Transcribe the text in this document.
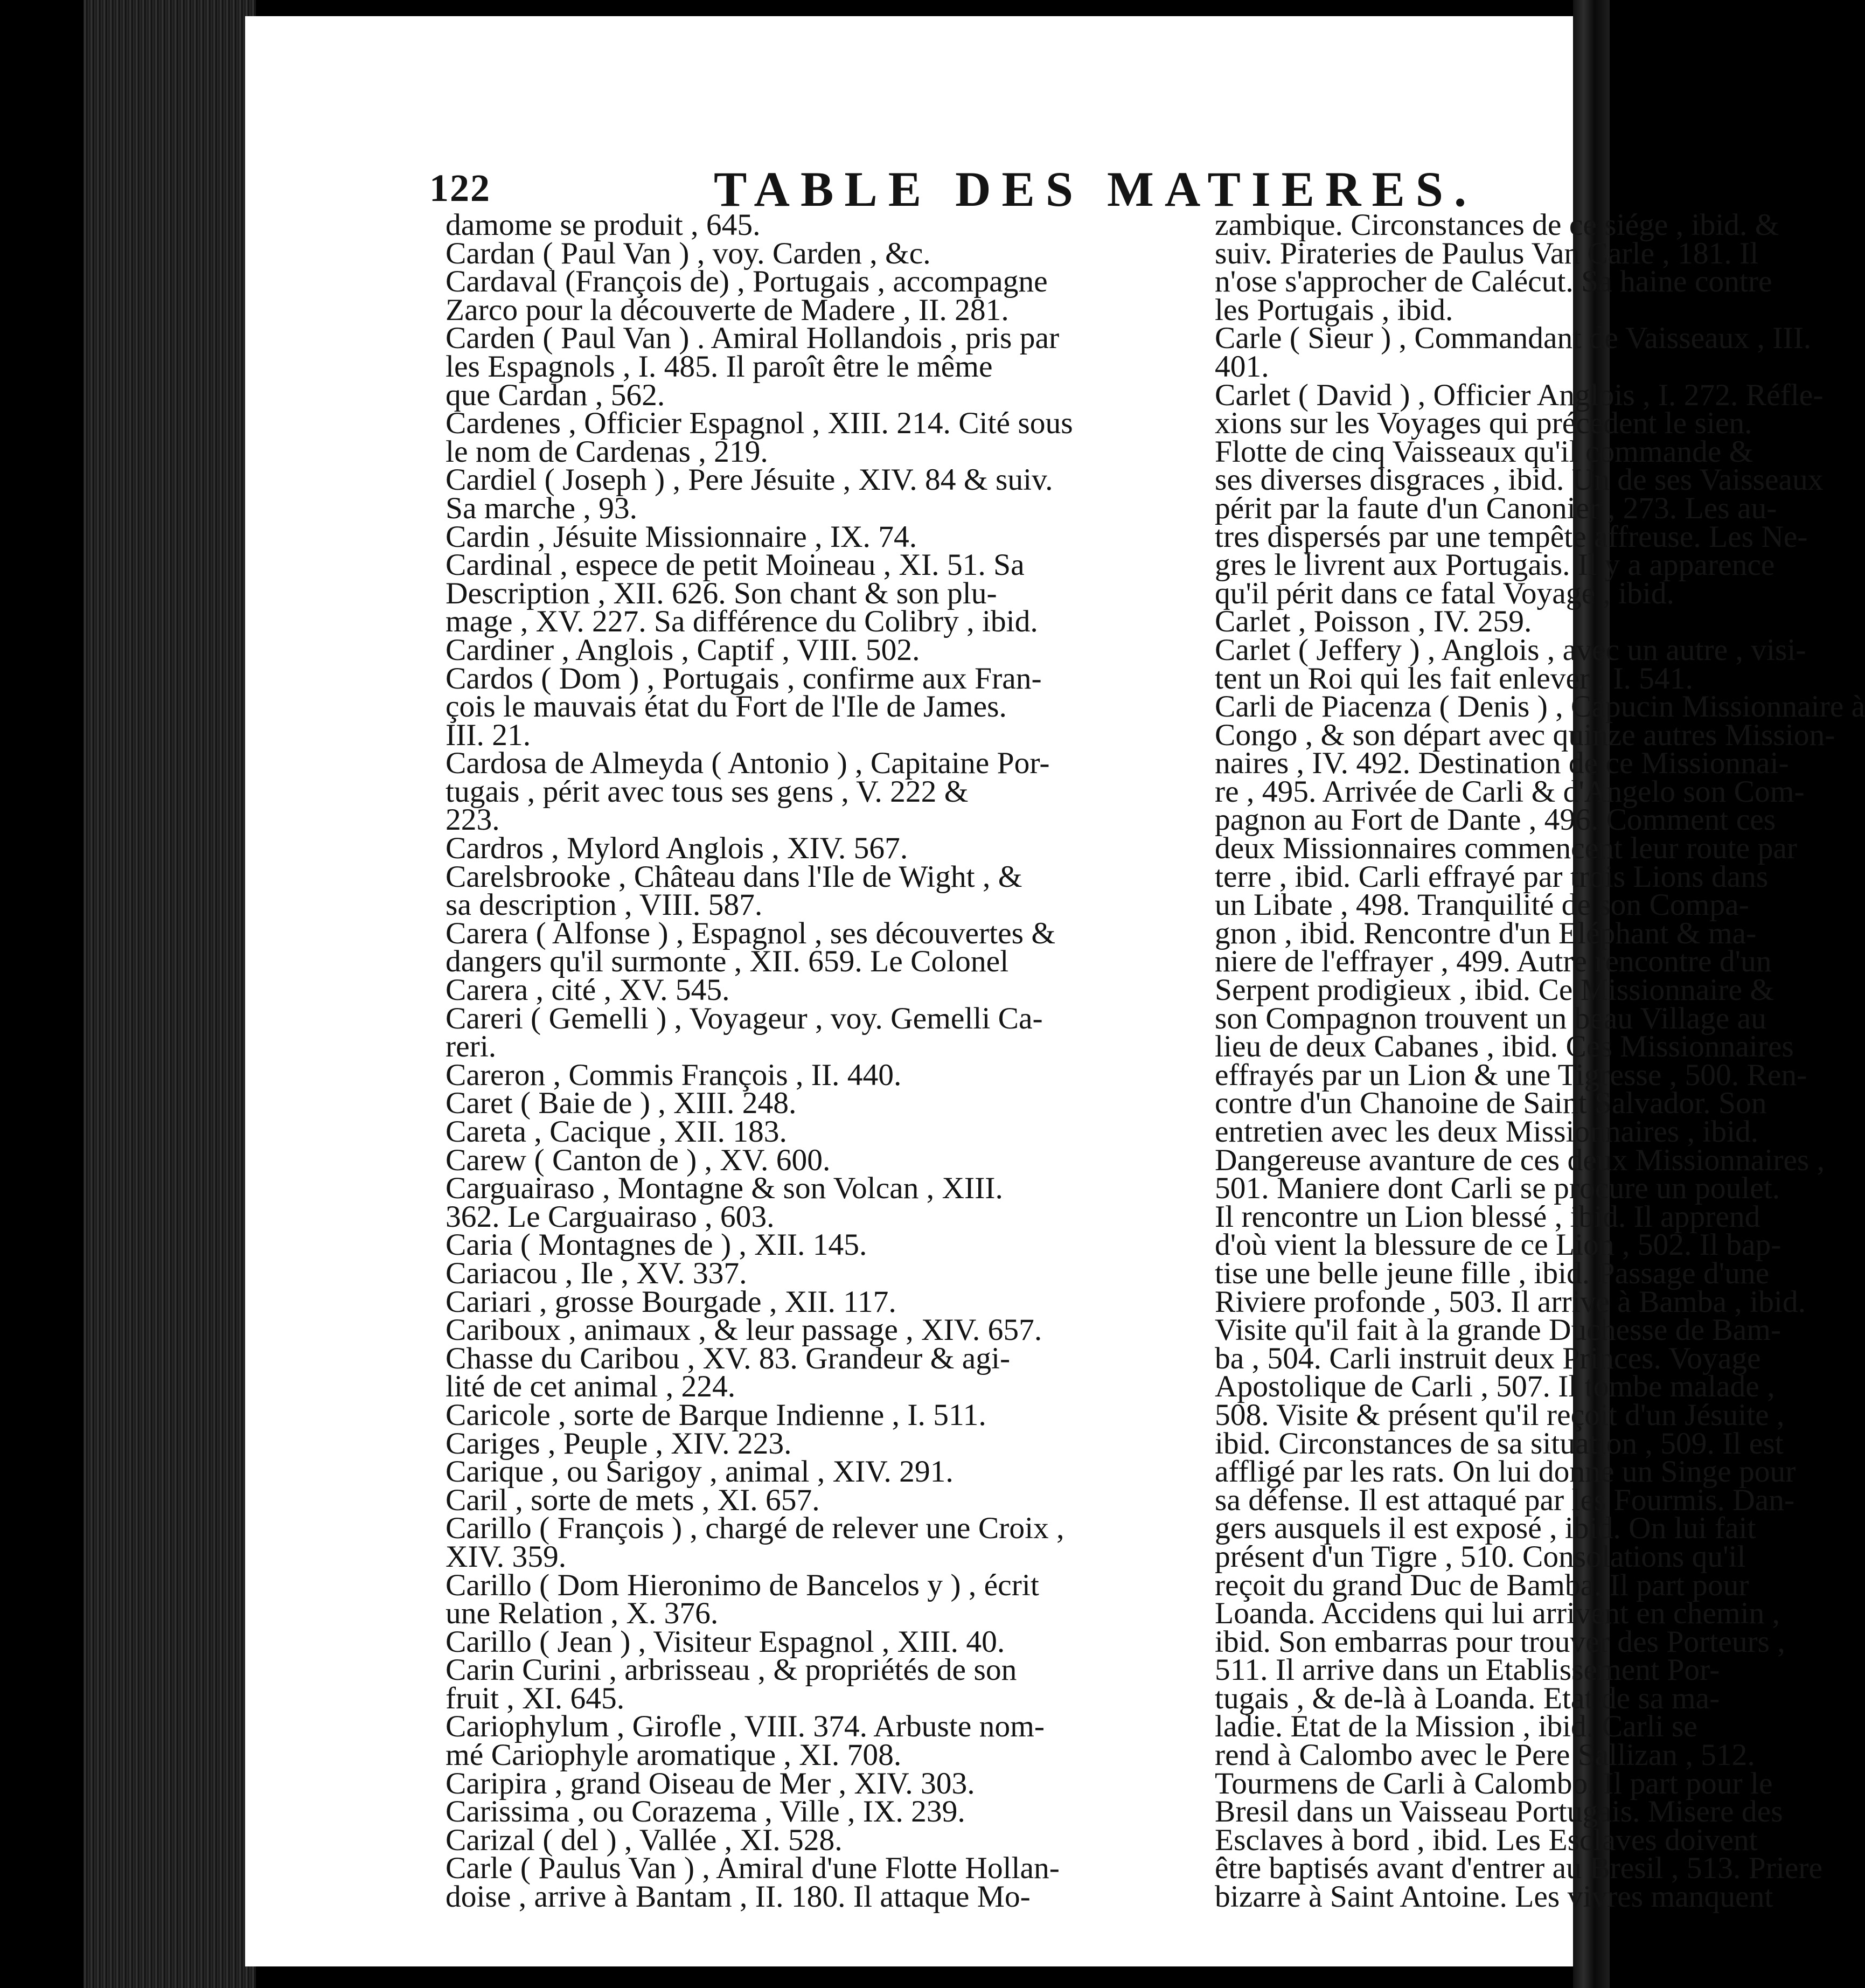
122	TABLE DES MATIERES.
damome se produit , 645.
Cardan ( Paul Van ) , voy. Carden , &c.
Cardaval (François de) , Portugais , accompagne
Zarco pour la découverte de Madere , II. 281.
Carden ( Paul Van ) . Amiral Hollandois , pris par
les Espagnols , I. 485. Il paroît être le même
que Cardan , 562.
Cardenes , Officier Espagnol , XIII. 214. Cité sous
le nom de Cardenas , 219.
Cardiel ( Joseph ) , Pere Jésuite , XIV. 84 & suiv.
Sa marche , 93.
Cardin , Jésuite Missionnaire , IX. 74.
Cardinal , espece de petit Moineau , XI. 51. Sa
Description , XII. 626. Son chant & son plu-
mage , XV. 227. Sa différence du Colibry , ibid.
Cardiner , Anglois , Captif , VIII. 502.
Cardos ( Dom ) , Portugais , confirme aux Fran-
çois le mauvais état du Fort de l'Ile de James.
III. 21.
Cardosa de Almeyda ( Antonio ) , Capitaine Por-
tugais , périt avec tous ses gens , V. 222 &
223.
Cardros , Mylord Anglois , XIV. 567.
Carelsbrooke , Château dans l'Ile de Wight , &
sa description , VIII. 587.
Carera ( Alfonse ) , Espagnol , ses découvertes &
dangers qu'il surmonte , XII. 659. Le Colonel
Carera , cité , XV. 545.
Careri ( Gemelli ) , Voyageur , voy. Gemelli Ca-
reri.
Careron , Commis François , II. 440.
Caret ( Baie de ) , XIII. 248.
Careta , Cacique , XII. 183.
Carew ( Canton de ) , XV. 600.
Carguairaso , Montagne & son Volcan , XIII.
362. Le Carguairaso , 603.
Caria ( Montagnes de ) , XII. 145.
Cariacou , Ile , XV. 337.
Cariari , grosse Bourgade , XII. 117.
Cariboux , animaux , & leur passage , XIV. 657.
Chasse du Caribou , XV. 83. Grandeur & agi-
lité de cet animal , 224.
Caricole , sorte de Barque Indienne , I. 511.
Cariges , Peuple , XIV. 223.
Carique , ou Sarigoy , animal , XIV. 291.
Caril , sorte de mets , XI. 657.
Carillo ( François ) , chargé de relever une Croix ,
XIV. 359.
Carillo ( Dom Hieronimo de Bancelos y ) , écrit
une Relation , X. 376.
Carillo ( Jean ) , Visiteur Espagnol , XIII. 40.
Carin Curini , arbrisseau , & propriétés de son
fruit , XI. 645.
Cariophylum , Girofle , VIII. 374. Arbuste nom-
mé Cariophyle aromatique , XI. 708.
Caripira , grand Oiseau de Mer , XIV. 303.
Carissima , ou Corazema , Ville , IX. 239.
Carizal ( del ) , Vallée , XI. 528.
Carle ( Paulus Van ) , Amiral d'une Flotte Hollan-
doise , arrive à Bantam , II. 180. Il attaque Mo-
zambique. Circonstances de ce siége , ibid. &
suiv. Pirateries de Paulus Van Carle , 181. Il
n'ose s'approcher de Calécut. Sa haine contre
les Portugais , ibid.
Carle ( Sieur ) , Commandant de Vaisseaux , III.
401.
Carlet ( David ) , Officier Anglois , I. 272. Réfle-
xions sur les Voyages qui précedent le sien.
Flotte de cinq Vaisseaux qu'il commande &
ses diverses disgraces , ibid. Un de ses Vaisseaux
périt par la faute d'un Canonier , 273. Les au-
tres dispersés par une tempête affreuse. Les Ne-
gres le livrent aux Portugais. Il y a apparence
qu'il périt dans ce fatal Voyage , ibid.
Carlet , Poisson , IV. 259.
Carlet ( Jeffery ) , Anglois , avec un autre , visi-
tent un Roi qui les fait enlever , I. 541.
Carli de Piacenza ( Denis ) , Capucin Missionnaire à
Congo , & son départ avec quinze autres Mission-
naires , IV. 492. Destination de ce Missionnai-
re , 495. Arrivée de Carli & d'Angelo son Com-
pagnon au Fort de Dante , 496. Comment ces
deux Missionnaires commencent leur route par
terre , ibid. Carli effrayé par trois Lions dans
un Libate , 498. Tranquilité de son Compa-
gnon , ibid. Rencontre d'un Eléphant & ma-
niere de l'effrayer , 499. Autre rencontre d'un
Serpent prodigieux , ibid. Ce Missionnaire &
son Compagnon trouvent un beau Village au
lieu de deux Cabanes , ibid. Ces Missionnaires
effrayés par un Lion & une Tigresse , 500. Ren-
contre d'un Chanoine de Saint Salvador. Son
entretien avec les deux Missionnaires , ibid.
Dangereuse avanture de ces deux Missionnaires ,
501. Maniere dont Carli se procure un poulet.
Il rencontre un Lion blessé , ibid. Il apprend
d'où vient la blessure de ce Lion , 502. Il bap-
tise une belle jeune fille , ibid. Passage d'une
Riviere profonde , 503. Il arrive à Bamba , ibid.
Visite qu'il fait à la grande Duchesse de Bam-
ba , 504. Carli instruit deux Princes. Voyage
Apostolique de Carli , 507. Il tombe malade ,
508. Visite & présent qu'il reçoit d'un Jésuite ,
ibid. Circonstances de sa situation , 509. Il est
affligé par les rats. On lui donne un Singe pour
sa défense. Il est attaqué par les Fourmis. Dan-
gers ausquels il est exposé , ibid. On lui fait
présent d'un Tigre , 510. Consolations qu'il
reçoit du grand Duc de Bamba. Il part pour
Loanda. Accidens qui lui arrivent en chemin ,
ibid. Son embarras pour trouver des Porteurs ,
511. Il arrive dans un Etablissement Por-
tugais , & de-là à Loanda. Etat de sa ma-
ladie. Etat de la Mission , ibid. Carli se
rend à Calombo avec le Pere Sallizan , 512.
Tourmens de Carli à Calombo. Il part pour le
Bresil dans un Vaisseau Portugais. Misere des
Esclaves à bord , ibid. Les Esclaves doivent
être baptisés avant d'entrer au Bresil , 513. Priere
bizarre à Saint Antoine. Les vivres manquent
